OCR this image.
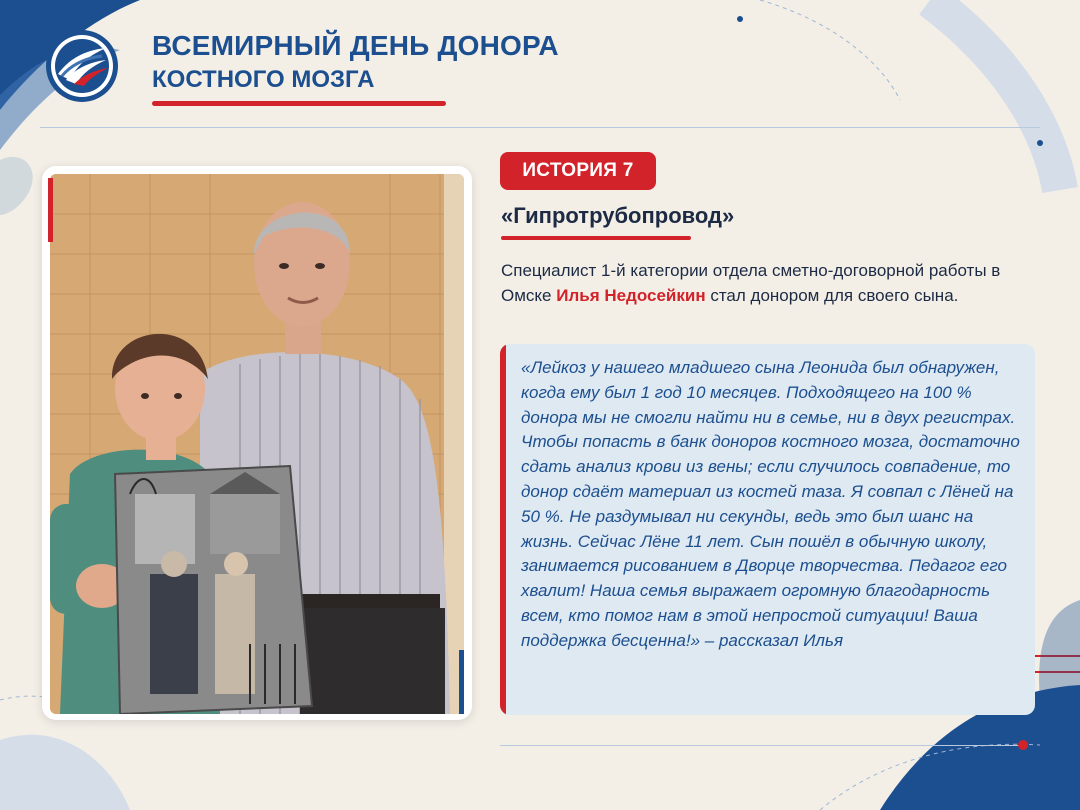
ВСЕМИРНЫЙ ДЕНЬ ДОНОРА
КОСТНОГО МОЗГА
ИСТОРИЯ 7
«Гипротрубопровод»
Специалист 1-й категории отдела сметно-договорной работы в Омске Илья Недосейкин стал донором для своего сына.
«Лейкоз у нашего младшего сына Леонида был обнаружен, когда ему был 1 год 10 месяцев. Подходящего на 100 % донора мы не смогли найти ни в семье, ни в двух регистрах. Чтобы попасть в банк доноров костного мозга, достаточно сдать анализ крови из вены; если случилось совпадение, то донор сдаёт материал из костей таза. Я совпал с Лёней на 50 %. Не раздумывал ни секунды, ведь это был шанс на жизнь. Сейчас Лёне 11 лет. Сын пошёл в обычную школу, занимается рисованием в Дворце творчества. Педагог его хвалит! Наша семья выражает огромную благодарность всем, кто помог нам в этой непростой ситуации! Ваша поддержка бесценна!» – рассказал Илья
